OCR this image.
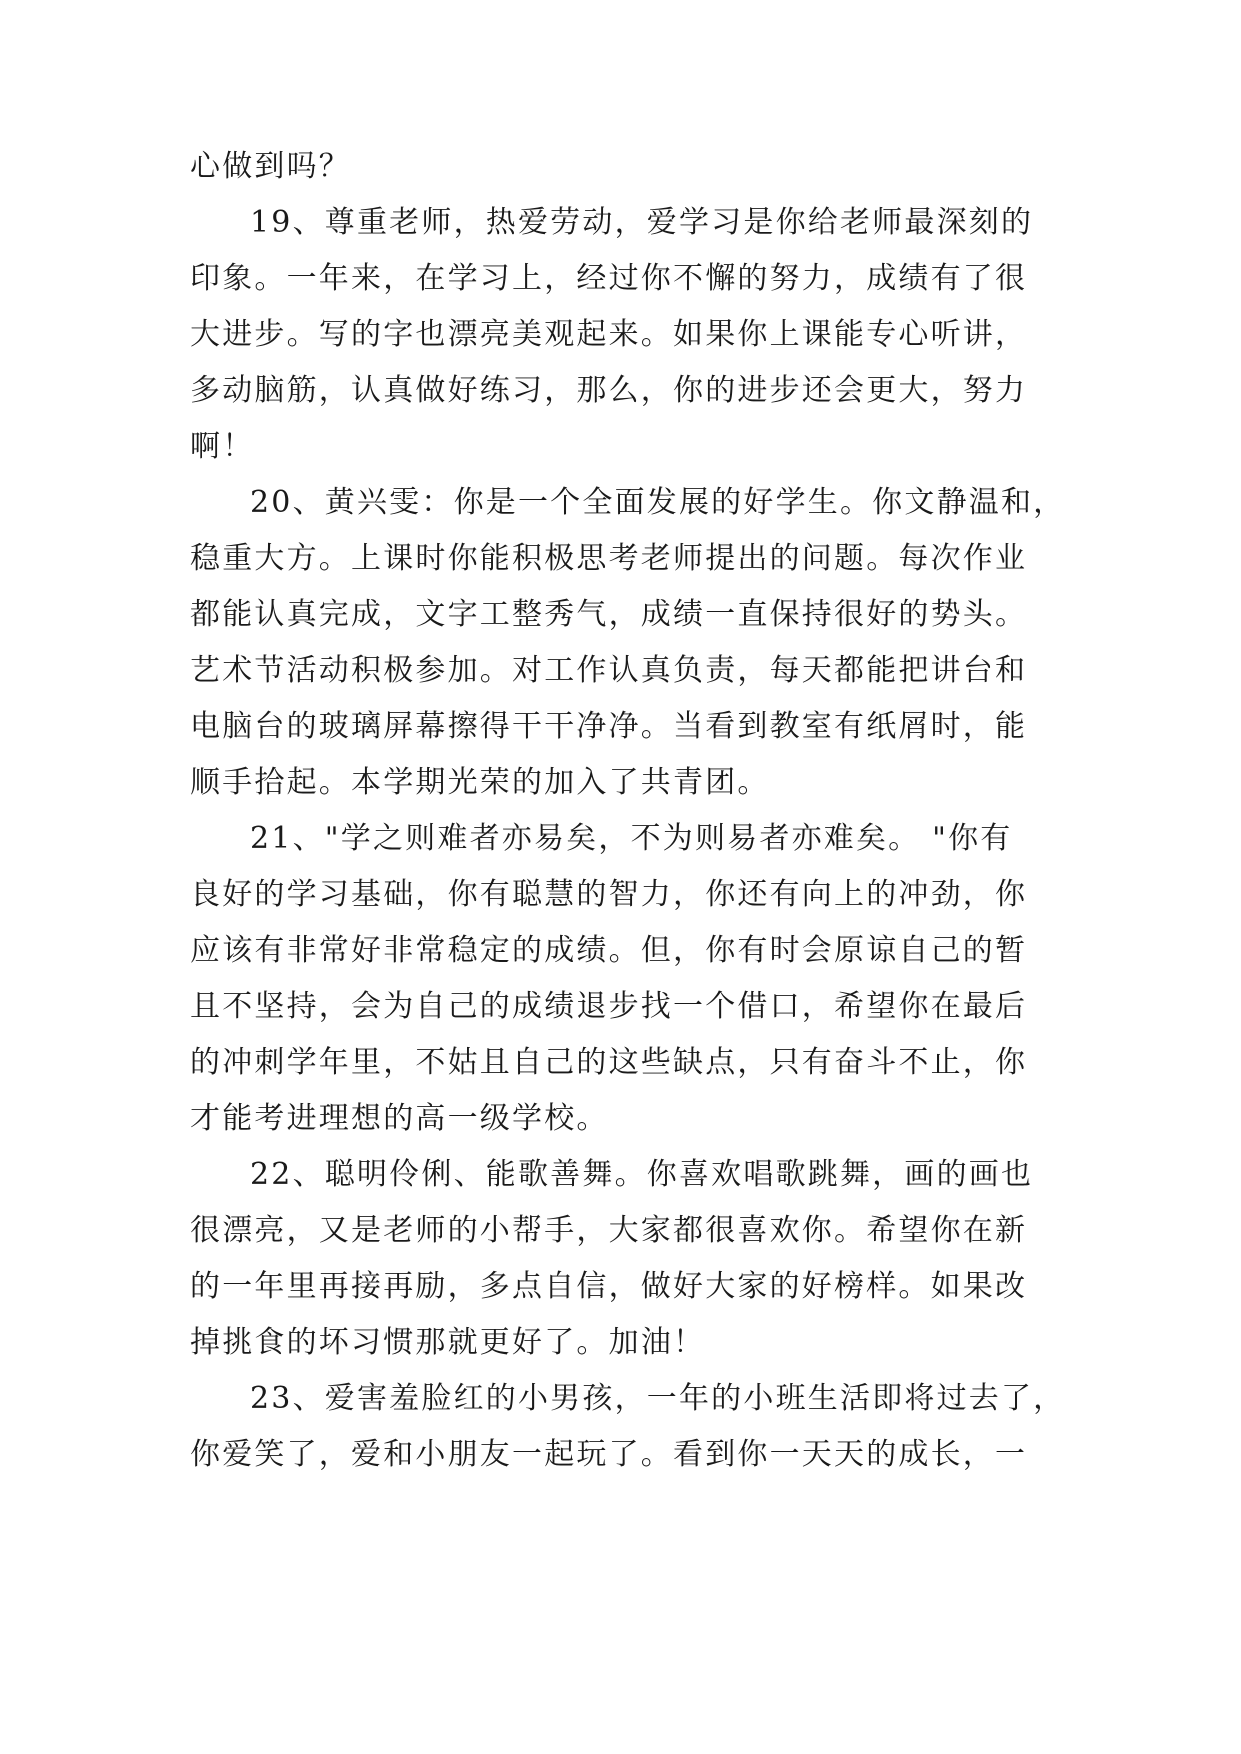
心做到吗？
19、尊重老师，热爱劳动，爱学习是你给老师最深刻的
印象。一年来，在学习上，经过你不懈的努力，成绩有了很
大进步。写的字也漂亮美观起来。如果你上课能专心听讲，
多动脑筋，认真做好练习，那么，你的进步还会更大，努力
啊！
20、黄兴雯：你是一个全面发展的好学生。你文静温和，
稳重大方。上课时你能积极思考老师提出的问题。每次作业
都能认真完成，文字工整秀气，成绩一直保持很好的势头。
艺术节活动积极参加。对工作认真负责，每天都能把讲台和
电脑台的玻璃屏幕擦得干干净净。当看到教室有纸屑时，能
顺手拾起。本学期光荣的加入了共青团。
21、"学之则难者亦易矣，不为则易者亦难矣。 "你有
良好的学习基础，你有聪慧的智力，你还有向上的冲劲，你
应该有非常好非常稳定的成绩。但，你有时会原谅自己的暂
且不坚持，会为自己的成绩退步找一个借口，希望你在最后
的冲刺学年里，不姑且自己的这些缺点，只有奋斗不止，你
才能考进理想的高一级学校。
22、聪明伶俐、能歌善舞。你喜欢唱歌跳舞，画的画也
很漂亮，又是老师的小帮手，大家都很喜欢你。希望你在新
的一年里再接再励，多点自信，做好大家的好榜样。如果改
掉挑食的坏习惯那就更好了。加油！
23、爱害羞脸红的小男孩，一年的小班生活即将过去了，
你爱笑了，爱和小朋友一起玩了。看到你一天天的成长，一
